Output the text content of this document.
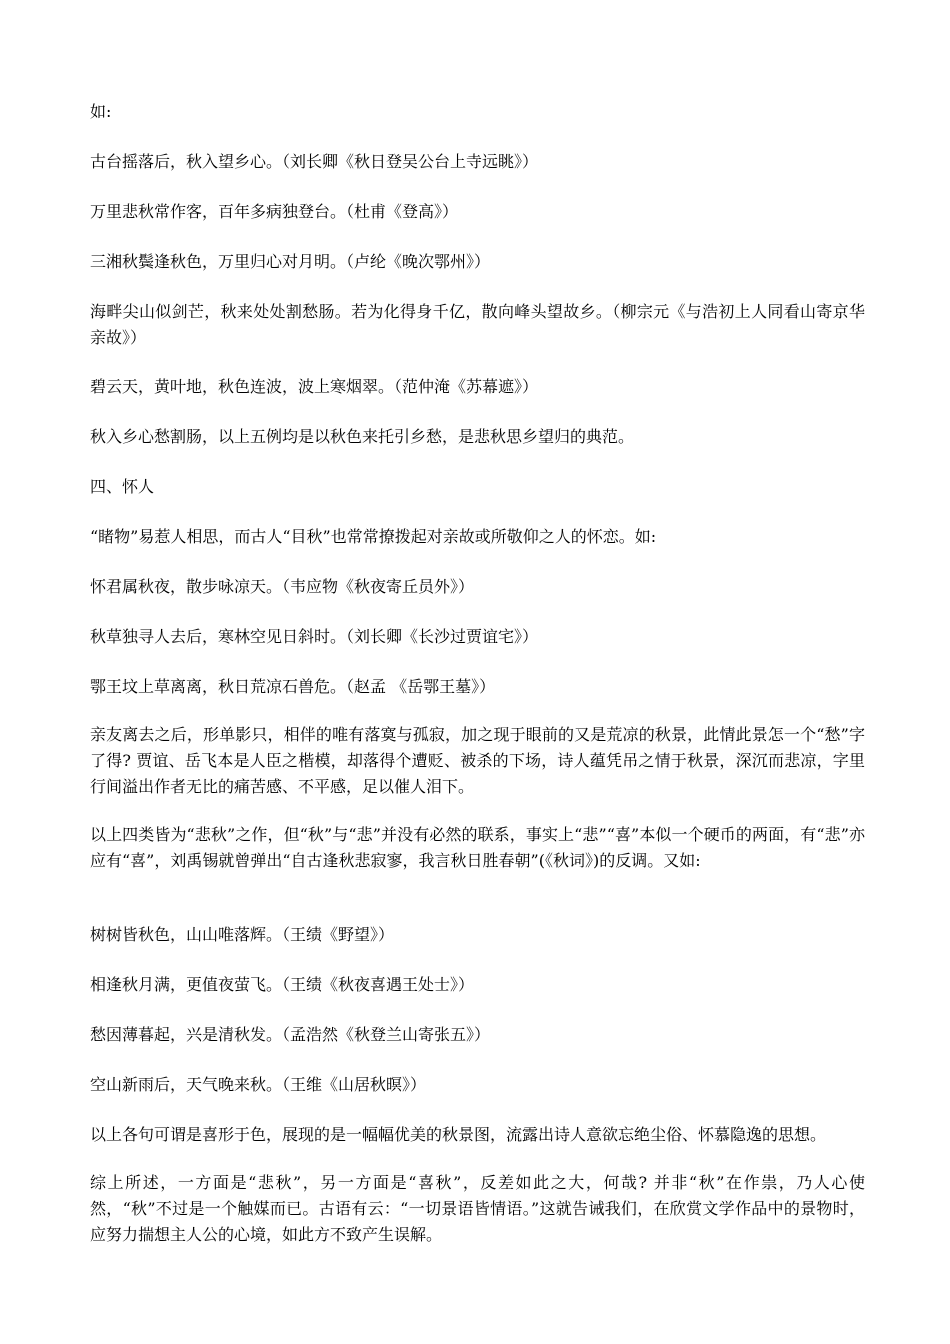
如:

古台摇落后，秋入望乡心。（刘长卿《秋日登吴公台上寺远眺》）

万里悲秋常作客，百年多病独登台。（杜甫《登高》）

三湘秋鬓逢秋色，万里归心对月明。（卢纶《晚次鄂州》）

海畔尖山似剑芒，秋来处处割愁肠。若为化得身千亿，散向峰头望故乡。（柳宗元《与浩初上人同看山寄京华亲故》）

碧云天，黄叶地，秋色连波，波上寒烟翠。（范仲淹《苏幕遮》）

秋入乡心愁割肠，以上五例均是以秋色来托引乡愁，是悲秋思乡望归的典范。

四、怀人

“睹物”易惹人相思，而古人“目秋”也常常撩拨起对亲故或所敬仰之人的怀恋。如:

怀君属秋夜，散步咏凉天。（韦应物《秋夜寄丘员外》）

秋草独寻人去后，寒林空见日斜时。（刘长卿《长沙过贾谊宅》）

鄂王坟上草离离，秋日荒凉石兽危。（赵孟 《岳鄂王墓》）

亲友离去之后，形单影只，相伴的唯有落寞与孤寂，加之现于眼前的又是荒凉的秋景，此情此景怎一个“愁”字了得? 贾谊、岳飞本是人臣之楷模，却落得个遭贬、被杀的下场，诗人蕴凭吊之情于秋景，深沉而悲凉，字里行间溢出作者无比的痛苦感、不平感，足以催人泪下。

以上四类皆为“悲秋”之作，但“秋”与“悲”并没有必然的联系，事实上“悲”“喜”本似一个硬币的两面，有“悲”亦应有“喜”，刘禹锡就曾弹出“自古逢秋悲寂寥，我言秋日胜春朝”(《秋词》)的反调。又如:

树树皆秋色，山山唯落辉。（王绩《野望》）

相逢秋月满，更值夜萤飞。（王绩《秋夜喜遇王处士》）

愁因薄暮起，兴是清秋发。（孟浩然《秋登兰山寄张五》）

空山新雨后，天气晚来秋。（王维《山居秋暝》）

以上各句可谓是喜形于色，展现的是一幅幅优美的秋景图，流露出诗人意欲忘绝尘俗、怀慕隐逸的思想。

综上所述，一方面是“悲秋”，另一方面是“喜秋”，反差如此之大，何哉? 并非“秋”在作祟，乃人心使然，“秋”不过是一个触媒而已。古语有云：“一切景语皆情语。”这就告诫我们，在欣赏文学作品中的景物时，应努力揣想主人公的心境，如此方不致产生误解。
